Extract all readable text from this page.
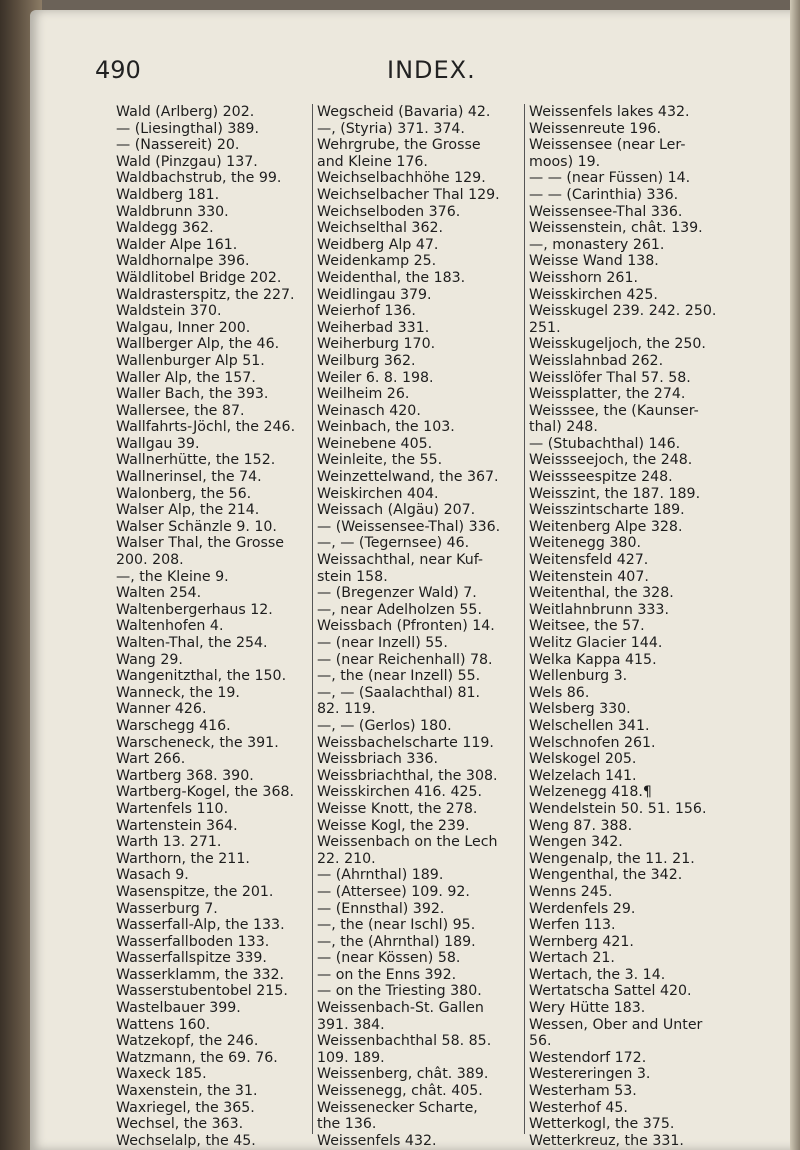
490	INDEX.
Wald (Arlberg) 202.
— (Liesingthal) 389.
— (Nassereit) 20.
Wald (Pinzgau) 137.
Waldbachstrub, the 99.
Waldberg 181.
Waldbrunn 330.
Waldegg 362.
Walder Alpe 161.
Waldhornalpe 396.
Wäldlitobel Bridge 202.
Waldrasterspitz, the 227.
Waldstein 370.
Walgau, Inner 200.
Wallberger Alp, the 46.
Wallenburger Alp 51.
Waller Alp, the 157.
Waller Bach, the 393.
Wallersee, the 87.
Wallfahrts-Jöchl, the 246.
Wallgau 39.
Wallnerhütte, the 152.
Wallnerinsel, the 74.
Walonberg, the 56.
Walser Alp, the 214.
Walser Schänzle 9. 10.
Walser Thal, the Grosse
200. 208.
—, the Kleine 9.
Walten 254.
Waltenbergerhaus 12.
Waltenhofen 4.
Walten-Thal, the 254.
Wang 29.
Wangenitzthal, the 150.
Wanneck, the 19.
Wanner 426.
Warschegg 416.
Warscheneck, the 391.
Wart 266.
Wartberg 368. 390.
Wartberg-Kogel, the 368.
Wartenfels 110.
Wartenstein 364.
Warth 13. 271.
Warthorn, the 211.
Wasach 9.
Wasenspitze, the 201.
Wasserburg 7.
Wasserfall-Alp, the 133.
Wasserfallboden 133.
Wasserfallspitze 339.
Wasserklamm, the 332.
Wasserstubentobel 215.
Wastelbauer 399.
Wattens 160.
Watzekopf, the 246.
Watzmann, the 69. 76.
Waxeck 185.
Waxenstein, the 31.
Waxriegel, the 365.
Wechsel, the 363.
Wechselalp, the 45.
Wegscheid (Bavaria) 42.
—, (Styria) 371. 374.
Wehrgrube, the Grosse
and Kleine 176.
Weichselbachhöhe 129.
Weichselbacher Thal 129.
Weichselboden 376.
Weichselthal 362.
Weidberg Alp 47.
Weidenkamp 25.
Weidenthal, the 183.
Weidlingau 379.
Weierhof 136.
Weiherbad 331.
Weiherburg 170.
Weilburg 362.
Weiler 6. 8. 198.
Weilheim 26.
Weinasch 420.
Weinbach, the 103.
Weinebene 405.
Weinleite, the 55.
Weinzettelwand, the 367.
Weiskirchen 404.
Weissach (Algäu) 207.
— (Weissensee-Thal) 336.
—, — (Tegernsee) 46.
Weissachthal, near Kuf-
stein 158.
— (Bregenzer Wald) 7.
—, near Adelholzen 55.
Weissbach (Pfronten) 14.
— (near Inzell) 55.
— (near Reichenhall) 78.
—, the (near Inzell) 55.
—, — (Saalachthal) 81.
82. 119.
—, — (Gerlos) 180.
Weissbachelscharte 119.
Weissbriach 336.
Weissbriachthal, the 308.
Weisskirchen 416. 425.
Weisse Knott, the 278.
Weisse Kogl, the 239.
Weissenbach on the Lech
22. 210.
— (Ahrnthal) 189.
— (Attersee) 109. 92.
— (Ennsthal) 392.
—, the (near Ischl) 95.
—, the (Ahrnthal) 189.
— (near Kössen) 58.
— on the Enns 392.
— on the Triesting 380.
Weissenbach-St. Gallen
391. 384.
Weissenbachthal 58. 85.
109. 189.
Weissenberg, chât. 389.
Weissenegg, chât. 405.
Weissenecker Scharte,
the 136.
Weissenfels 432.
Weissenfels lakes 432.
Weissenreute 196.
Weissensee (near Ler-
moos) 19.
— — (near Füssen) 14.
— — (Carinthia) 336.
Weissensee-Thal 336.
Weissenstein, chât. 139.
—, monastery 261.
Weisse Wand 138.
Weisshorn 261.
Weisskirchen 425.
Weisskugel 239. 242. 250.
251.
Weisskugeljoch, the 250.
Weisslahnbad 262.
Weisslöfer Thal 57. 58.
Weissplatter, the 274.
Weisssee, the (Kaunser-
thal) 248.
— (Stubachthal) 146.
Weissseejoch, the 248.
Weissseespitze 248.
Weisszint, the 187. 189.
Weisszintscharte 189.
Weitenberg Alpe 328.
Weitenegg 380.
Weitensfeld 427.
Weitenstein 407.
Weitenthal, the 328.
Weitlahnbrunn 333.
Weitsee, the 57.
Welitz Glacier 144.
Welka Kappa 415.
Wellenburg 3.
Wels 86.
Welsberg 330.
Welschellen 341.
Welschnofen 261.
Welskogel 205.
Welzelach 141.
Welzenegg 418.¶
Wendelstein 50. 51. 156.
Weng 87. 388.
Wengen 342.
Wengenalp, the 11. 21.
Wengenthal, the 342.
Wenns 245.
Werdenfels 29.
Werfen 113.
Wernberg 421.
Wertach 21.
Wertach, the 3. 14.
Wertatscha Sattel 420.
Wery Hütte 183.
Wessen, Ober and Unter
56.
Westendorf 172.
Westereringen 3.
Westerham 53.
Westerhof 45.
Wetterkogl, the 375.
Wetterkreuz, the 331.
